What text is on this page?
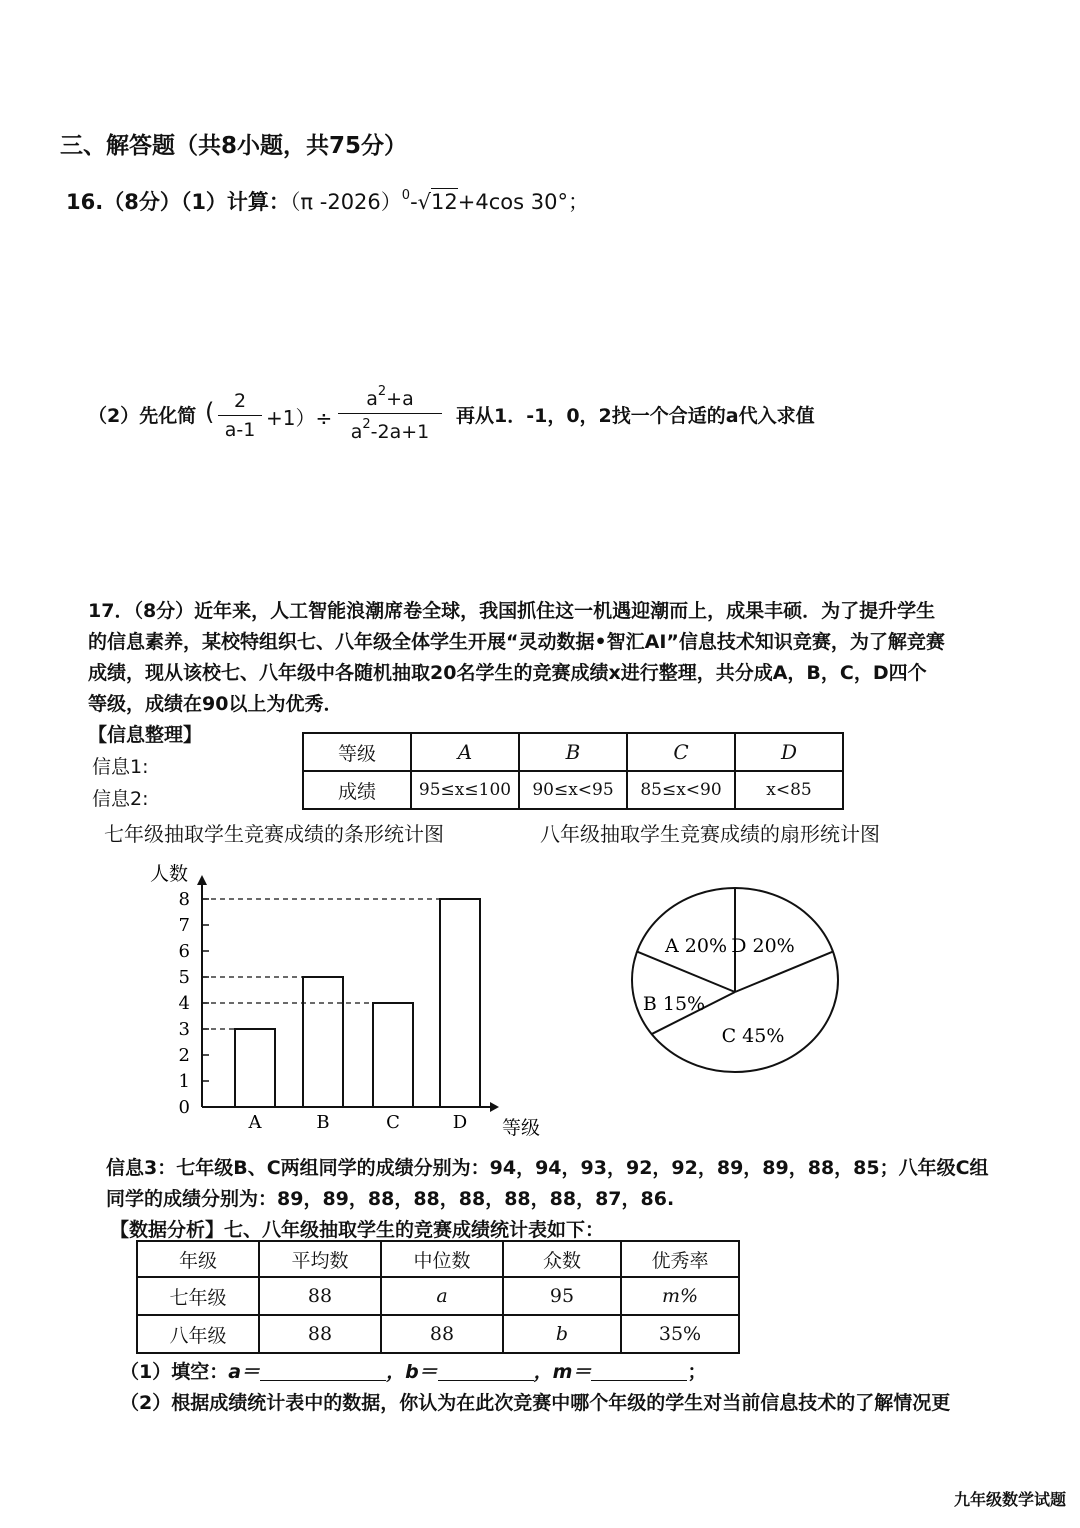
三、解答题（共8小题，共75分）
16.（8分）（1）计算：（π -2026）$^0$-√12+4cos 30°；
（2）先化简 ( $\frac{2}{a-1} +1)\div \frac{a^2+a}{a^2-2a+1}$ 再从1．-1，0，2找一个合适的a代入求值
17．（8分）近年来，人工智能浪潮席卷全球，我国抓住这一机遇迎潮而上，成果丰硕．为了提升学生
的信息素养，某校特组织七、八年级全体学生开展“灵动数据•智汇AI”信息技术知识竞赛，为了解竞赛
成绩，现从该校七、八年级中各随机抽取20名学生的竞赛成绩x进行整理，共分成A，B，C，D四个
等级，成绩在90以上为优秀．
【信息整理】
信息1:
信息2:
等级	A	B	C	D
成绩	95≤x≤100	90≤x<95	85≤x<90	x<85
七年级抽取学生竞赛成绩的条形统计图	八年级抽取学生竞赛成绩的扇形统计图
0
1
2
3
4
5
6
7
8
人数
等级
A	B	C	D
A 20% D 20%
C 45%
B 15%
信息3：七年级B、C两组同学的成绩分别为：94，94，93，92，92，89，89，88，85；八年级C组
同学的成绩分别为：89，89，88，88，88，88，88，87，86.
【数据分析】七、八年级抽取学生的竞赛成绩统计表如下：
年级	平均数	中位数	众数	优秀率
七年级	88	a	95	m%
八年级	88	88	b	35%
（1）填空：a＝	，b＝	，m＝	；
（2）根据成绩统计表中的数据，你认为在此次竞赛中哪个年级的学生对当前信息技术的了解情况更
九年级数学试题
